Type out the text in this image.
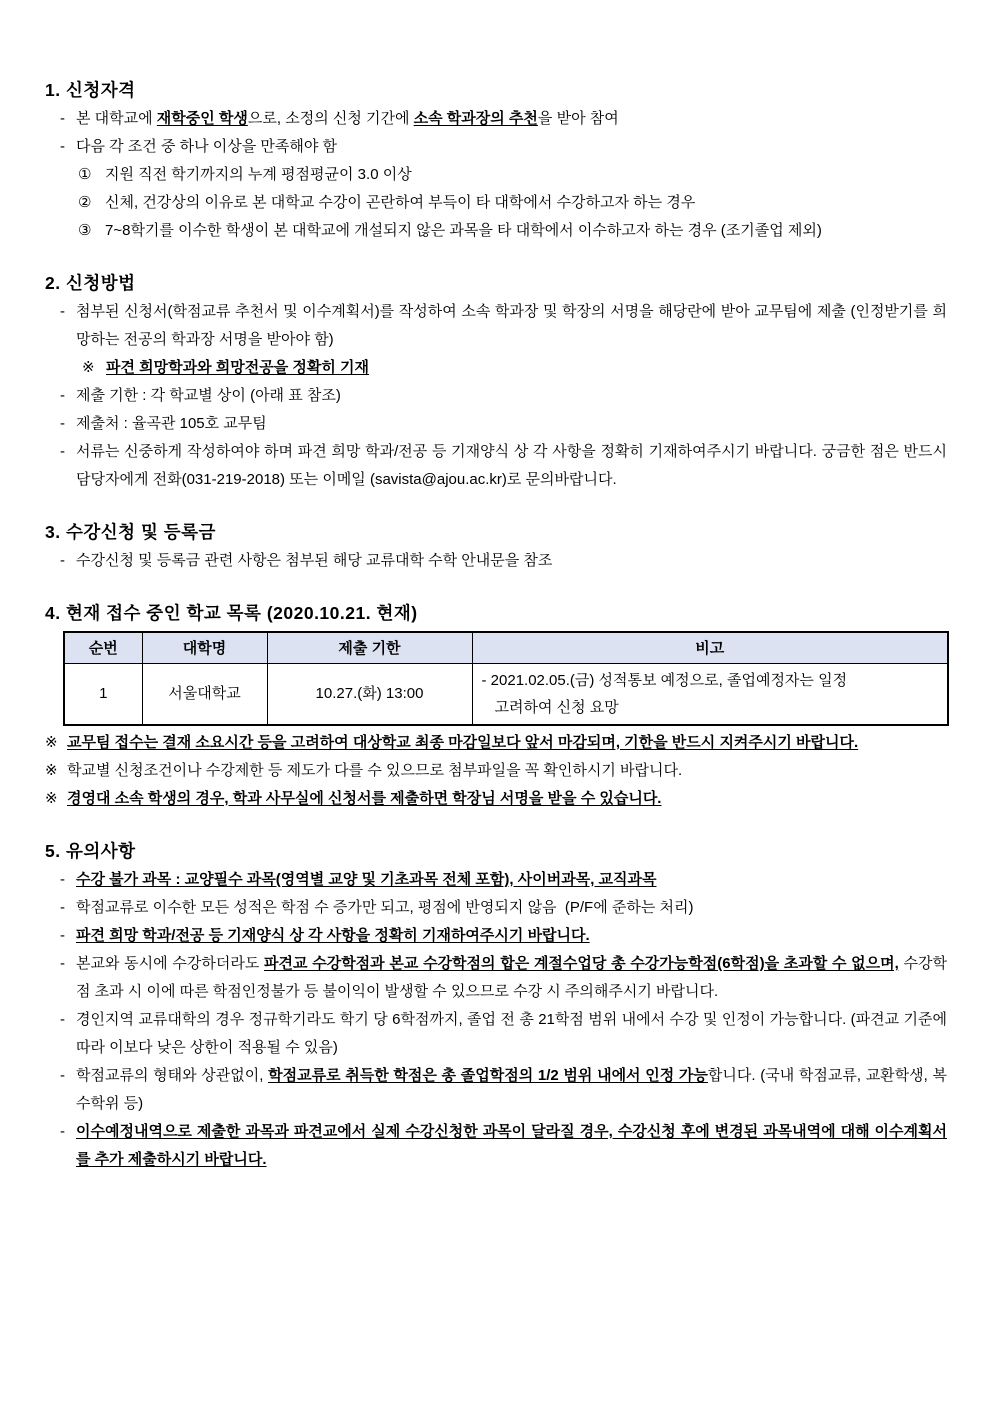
1. 신청자격
- 본 대학교에 재학중인 학생으로, 소정의 신청 기간에 소속 학과장의 추천을 받아 참여
- 다음 각 조건 중 하나 이상을 만족해야 함
① 지원 직전 학기까지의 누계 평점평균이 3.0 이상
② 신체, 건강상의 이유로 본 대학교 수강이 곤란하여 부득이 타 대학에서 수강하고자 하는 경우
③ 7~8학기를 이수한 학생이 본 대학교에 개설되지 않은 과목을 타 대학에서 이수하고자 하는 경우 (조기졸업 제외)
2. 신청방법
- 첨부된 신청서(학점교류 추천서 및 이수계획서)를 작성하여 소속 학과장 및 학장의 서명을 해당란에 받아 교무팀에 제출 (인정받기를 희망하는 전공의 학과장 서명을 받아야 함)
※ 파견 희망학과와 희망전공을 정확히 기재
- 제출 기한 : 각 학교별 상이 (아래 표 참조)
- 제출처 : 율곡관 105호 교무팀
- 서류는 신중하게 작성하여야 하며 파견 희망 학과/전공 등 기재양식 상 각 사항을 정확히 기재하여주시기 바랍니다. 궁금한 점은 반드시 담당자에게 전화(031-219-2018) 또는 이메일 (savista@ajou.ac.kr)로 문의바랍니다.
3. 수강신청 및 등록금
- 수강신청 및 등록금 관련 사항은 첨부된 해당 교류대학 수학 안내문을 참조
4. 현재 접수 중인 학교 목록 (2020.10.21. 현재)
순번	대학명	제출 기한	비고
1	서울대학교	10.27.(화) 13:00	- 2021.02.05.(금) 성적통보 예정으로, 졸업예정자는 일정
고려하여 신청 요망
※ 교무팀 접수는 결재 소요시간 등을 고려하여 대상학교 최종 마감일보다 앞서 마감되며, 기한을 반드시 지켜주시기 바랍니다.
※ 학교별 신청조건이나 수강제한 등 제도가 다를 수 있으므로 첨부파일을 꼭 확인하시기 바랍니다.
※ 경영대 소속 학생의 경우, 학과 사무실에 신청서를 제출하면 학장님 서명을 받을 수 있습니다.
5. 유의사항
- 수강 불가 과목 : 교양필수 과목(영역별 교양 및 기초과목 전체 포함), 사이버과목, 교직과목
- 학점교류로 이수한 모든 성적은 학점 수 증가만 되고, 평점에 반영되지 않음  (P/F에 준하는 처리)
- 파견 희망 학과/전공 등 기재양식 상 각 사항을 정확히 기재하여주시기 바랍니다.
- 본교와 동시에 수강하더라도 파견교 수강학점과 본교 수강학점의 합은 계절수업당 총 수강가능학점(6학점)을 초과할 수 없으며, 수강학점 초과 시 이에 따른 학점인정불가 등 불이익이 발생할 수 있으므로 수강 시 주의해주시기 바랍니다.
- 경인지역 교류대학의 경우 정규학기라도 학기 당 6학점까지, 졸업 전 총 21학점 범위 내에서 수강 및 인정이 가능합니다. (파견교 기준에 따라 이보다 낮은 상한이 적용될 수 있음)
- 학점교류의 형태와 상관없이, 학점교류로 취득한 학점은 총 졸업학점의 1/2 범위 내에서 인정 가능합니다. (국내 학점교류, 교환학생, 복수학위 등)
- 이수예정내역으로 제출한 과목과 파견교에서 실제 수강신청한 과목이 달라질 경우, 수강신청 후에 변경된 과목내역에 대해 이수계획서를 추가 제출하시기 바랍니다.
